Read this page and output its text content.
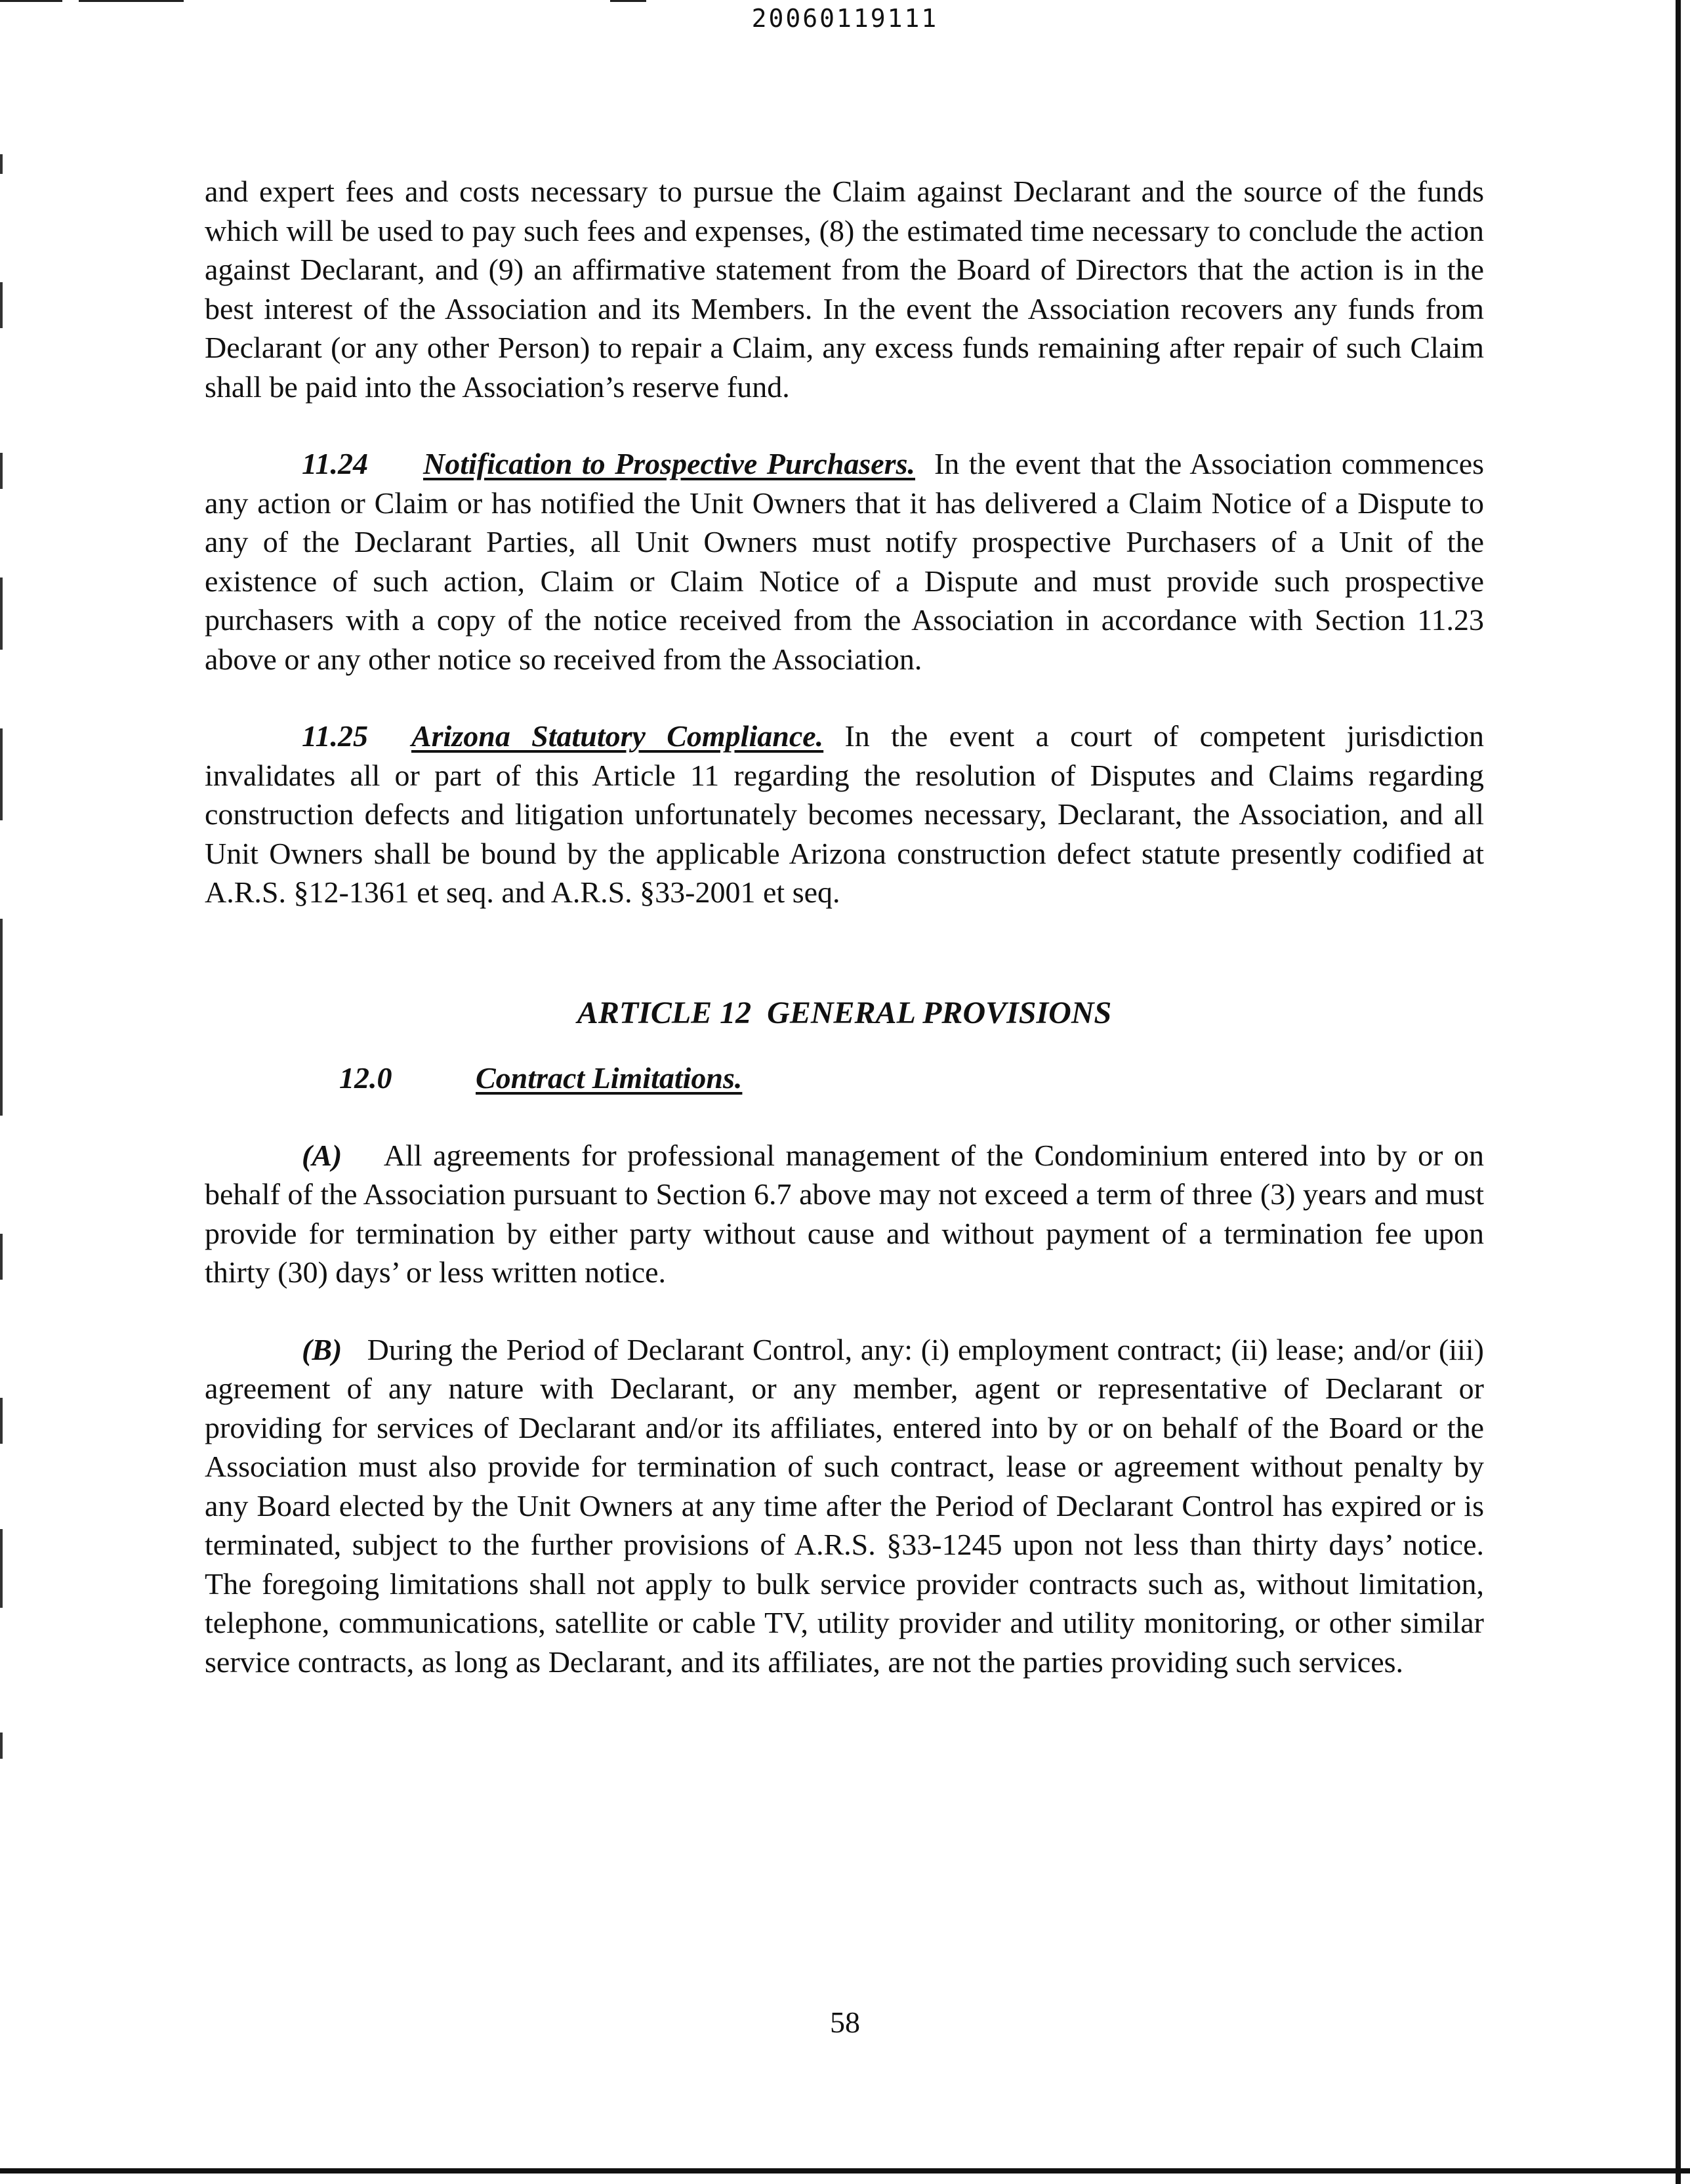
20060119111

and expert fees and costs necessary to pursue the Claim against Declarant and the source of the funds which will be used to pay such fees and expenses, (8) the estimated time necessary to conclude the action against Declarant, and (9) an affirmative statement from the Board of Directors that the action is in the best interest of the Association and its Members. In the event the Association recovers any funds from Declarant (or any other Person) to repair a Claim, any excess funds remaining after repair of such Claim shall be paid into the Association’s reserve fund.

11.24 Notification to Prospective Purchasers. In the event that the Association commences any action or Claim or has notified the Unit Owners that it has delivered a Claim Notice of a Dispute to any of the Declarant Parties, all Unit Owners must notify prospective Purchasers of a Unit of the existence of such action, Claim or Claim Notice of a Dispute and must provide such prospective purchasers with a copy of the notice received from the Association in accordance with Section 11.23 above or any other notice so received from the Association.

11.25 Arizona Statutory Compliance. In the event a court of competent jurisdiction invalidates all or part of this Article 11 regarding the resolution of Disputes and Claims regarding construction defects and litigation unfortunately becomes necessary, Declarant, the Association, and all Unit Owners shall be bound by the applicable Arizona construction defect statute presently codified at A.R.S. §12-1361 et seq. and A.R.S. §33-2001 et seq.

ARTICLE 12  GENERAL PROVISIONS

12.0	Contract Limitations.

(A) All agreements for professional management of the Condominium entered into by or on behalf of the Association pursuant to Section 6.7 above may not exceed a term of three (3) years and must provide for termination by either party without cause and without payment of a termination fee upon thirty (30) days’ or less written notice.

(B) During the Period of Declarant Control, any: (i) employment contract; (ii) lease; and/or (iii) agreement of any nature with Declarant, or any member, agent or representative of Declarant or providing for services of Declarant and/or its affiliates, entered into by or on behalf of the Board or the Association must also provide for termination of such contract, lease or agreement without penalty by any Board elected by the Unit Owners at any time after the Period of Declarant Control has expired or is terminated, subject to the further provisions of A.R.S. §33-1245 upon not less than thirty days’ notice. The foregoing limitations shall not apply to bulk service provider contracts such as, without limitation, telephone, communications, satellite or cable TV, utility provider and utility monitoring, or other similar service contracts, as long as Declarant, and its affiliates, are not the parties providing such services.

58
